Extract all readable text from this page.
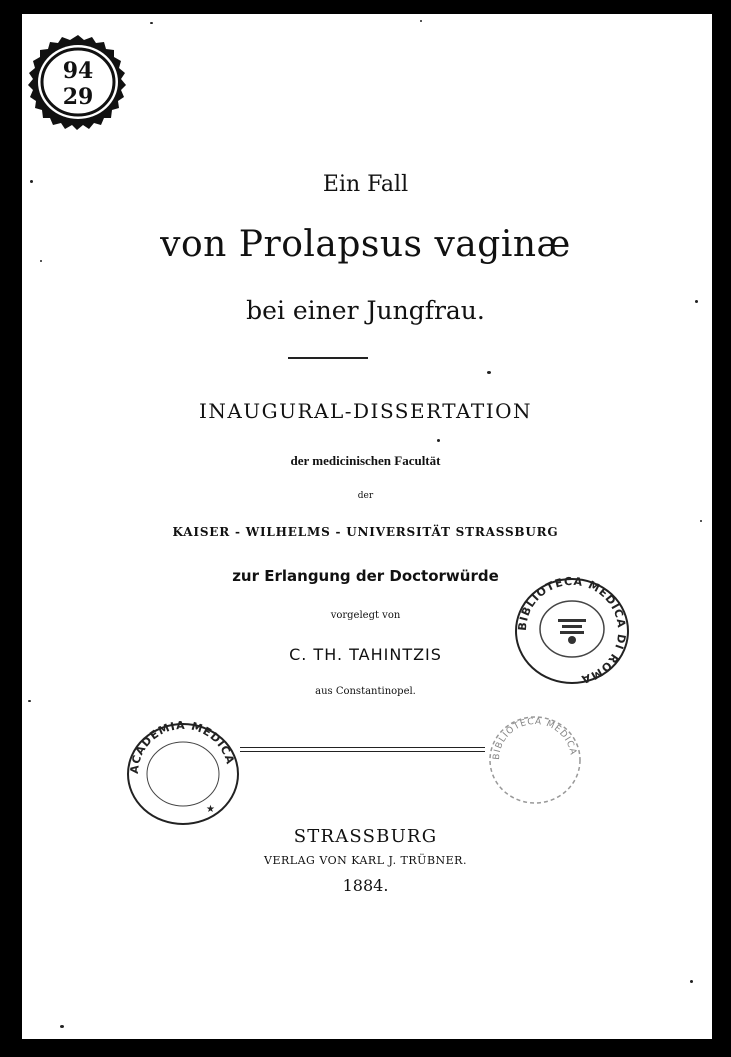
94
29
Ein Fall
von Prolapsus vaginæ
bei einer Jungfrau.
INAUGURAL-DISSERTATION
der medicinischen Facultät
der
KAISER - WILHELMS - UNIVERSITÄT STRASSBURG
zur Erlangung der Doctorwürde
vorgelegt von
C. TH. TAHINTZIS
aus Constantinopel.
STRASSBURG
VERLAG VON KARL J. TRÜBNER.
1884.
ACADEMIA MEDICA
★
BIBLIOTECA MEDICA DI ROMA
BIBLIOTECA MEDICA
